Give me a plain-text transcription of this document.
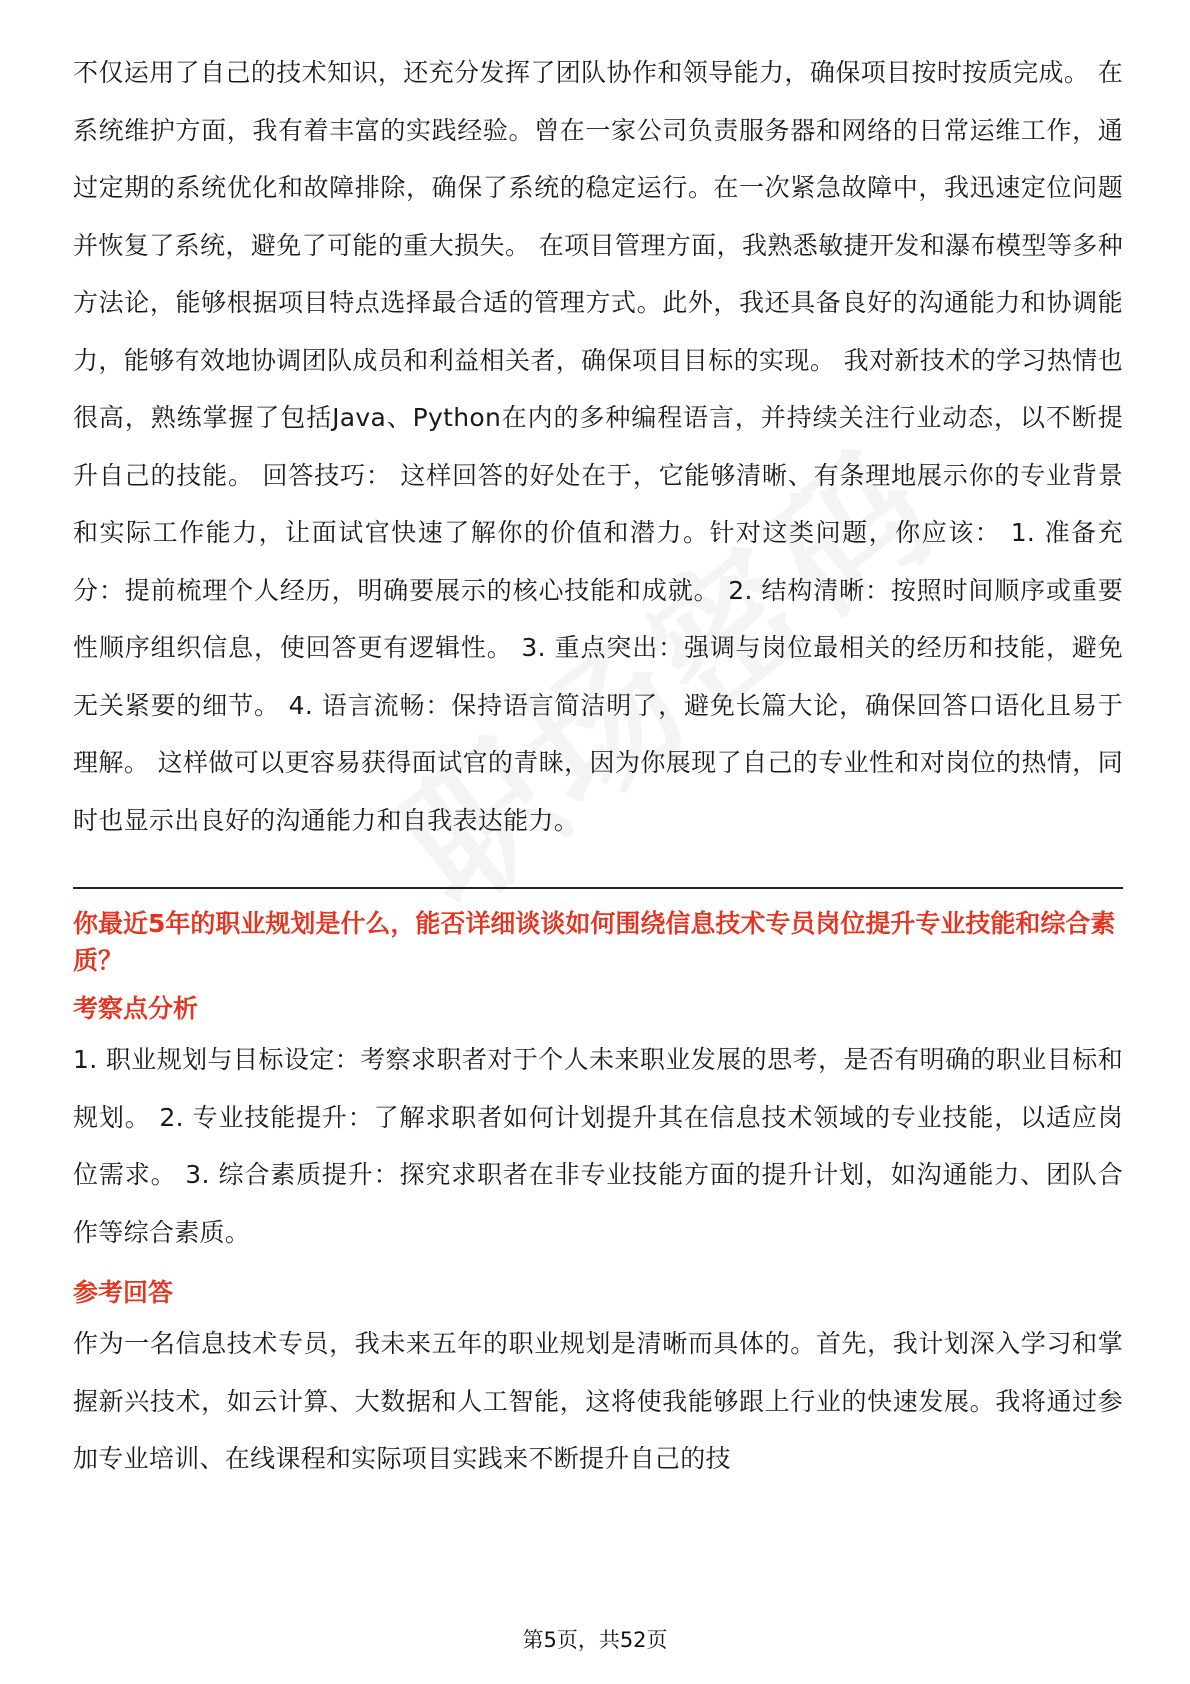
不仅运用了自己的技术知识，还充分发挥了团队协作和领导能力，确保项目按时按质完成。 在系统维护方面，我有着丰富的实践经验。曾在一家公司负责服务器和网络的日常运维工作，通过定期的系统优化和故障排除，确保了系统的稳定运行。在一次紧急故障中，我迅速定位问题并恢复了系统，避免了可能的重大损失。 在项目管理方面，我熟悉敏捷开发和瀑布模型等多种方法论，能够根据项目特点选择最合适的管理方式。此外，我还具备良好的沟通能力和协调能力，能够有效地协调团队成员和利益相关者，确保项目目标的实现。 我对新技术的学习热情也很高，熟练掌握了包括Java、Python在内的多种编程语言，并持续关注行业动态，以不断提升自己的技能。 回答技巧： 这样回答的好处在于，它能够清晰、有条理地展示你的专业背景和实际工作能力，让面试官快速了解你的价值和潜力。针对这类问题，你应该： 1. 准备充分：提前梳理个人经历，明确要展示的核心技能和成就。 2. 结构清晰：按照时间顺序或重要性顺序组织信息，使回答更有逻辑性。 3. 重点突出：强调与岗位最相关的经历和技能，避免无关紧要的细节。 4. 语言流畅：保持语言简洁明了，避免长篇大论，确保回答口语化且易于理解。 这样做可以更容易获得面试官的青睐，因为你展现了自己的专业性和对岗位的热情，同时也显示出良好的沟通能力和自我表达能力。

你最近5年的职业规划是什么，能否详细谈谈如何围绕信息技术专员岗位提升专业技能和综合素质？

考察点分析

1. 职业规划与目标设定：考察求职者对于个人未来职业发展的思考，是否有明确的职业目标和规划。 2. 专业技能提升：了解求职者如何计划提升其在信息技术领域的专业技能，以适应岗位需求。 3. 综合素质提升：探究求职者在非专业技能方面的提升计划，如沟通能力、团队合作等综合素质。

参考回答

作为一名信息技术专员，我未来五年的职业规划是清晰而具体的。首先，我计划深入学习和掌握新兴技术，如云计算、大数据和人工智能，这将使我能够跟上行业的快速发展。我将通过参加专业培训、在线课程和实际项目实践来不断提升自己的技

第5页，共52页
